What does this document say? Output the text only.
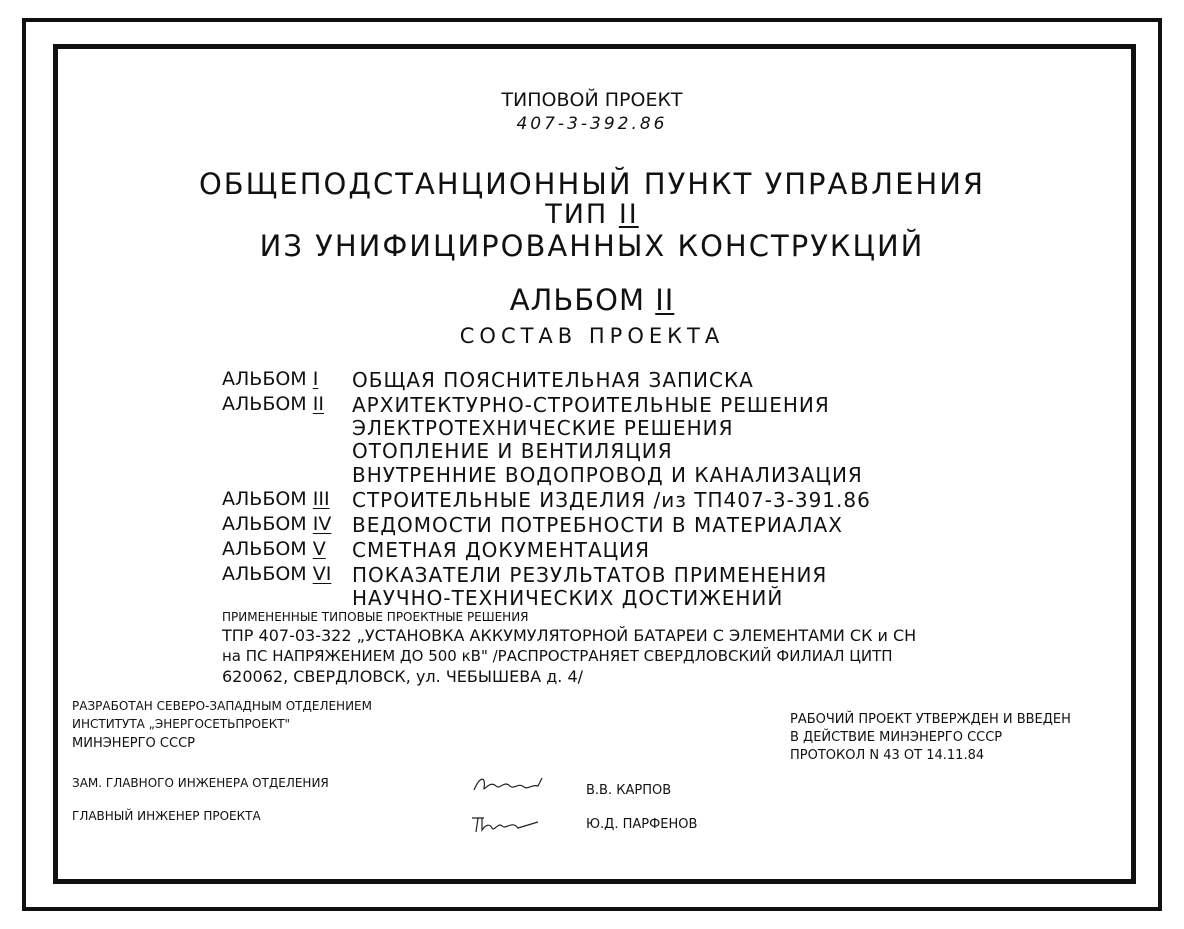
ТИПОВОЙ ПРОЕКТ
407-3-392.86
ОБЩЕПОДСТАНЦИОННЫЙ ПУНКТ УПРАВЛЕНИЯ
ТИП II
ИЗ УНИФИЦИРОВАННЫХ КОНСТРУКЦИЙ
АЛЬБОМ II
СОСТАВ ПРОЕКТА
АЛЬБОМ I ОБЩАЯ ПОЯСНИТЕЛЬНАЯ ЗАПИСКА
АЛЬБОМ II АРХИТЕКТУРНО-СТРОИТЕЛЬНЫЕ РЕШЕНИЯ
ЭЛЕКТРОТЕХНИЧЕСКИЕ РЕШЕНИЯ
ОТОПЛЕНИЕ И ВЕНТИЛЯЦИЯ
ВНУТРЕННИЕ ВОДОПРОВОД И КАНАЛИЗАЦИЯ
АЛЬБОМ III СТРОИТЕЛЬНЫЕ ИЗДЕЛИЯ /из ТП407-3-391.86
АЛЬБОМ IV ВЕДОМОСТИ ПОТРЕБНОСТИ В МАТЕРИАЛАХ
АЛЬБОМ V СМЕТНАЯ ДОКУМЕНТАЦИЯ
АЛЬБОМ VI ПОКАЗАТЕЛИ РЕЗУЛЬТАТОВ ПРИМЕНЕНИЯ
НАУЧНО-ТЕХНИЧЕСКИХ ДОСТИЖЕНИЙ
ПРИМЕНЕННЫЕ ТИПОВЫЕ ПРОЕКТНЫЕ РЕШЕНИЯ
ТПР 407-03-322 „УСТАНОВКА АККУМУЛЯТОРНОЙ БАТАРЕИ С ЭЛЕМЕНТАМИ СК и СН
на ПС НАПРЯЖЕНИЕМ ДО 500 кВ" /РАСПРОСТРАНЯЕТ СВЕРДЛОВСКИЙ ФИЛИАЛ ЦИТП
620062, СВЕРДЛОВСК, ул. ЧЕБЫШЕВА д. 4/
РАЗРАБОТАН СЕВЕРО-ЗАПАДНЫМ ОТДЕЛЕНИЕМ
ИНСТИТУТА „ЭНЕРГОСЕТЬПРОЕКТ"
МИНЭНЕРГО СССР
РАБОЧИЙ ПРОЕКТ УТВЕРЖДЕН И ВВЕДЕН
В ДЕЙСТВИЕ МИНЭНЕРГО СССР
ПРОТОКОЛ N 43 ОТ 14.11.84
ЗАМ. ГЛАВНОГО ИНЖЕНЕРА ОТДЕЛЕНИЯ	В.В. КАРПОВ
ГЛАВНЫЙ ИНЖЕНЕР ПРОЕКТА
Ю.Д. ПАРФЕНОВ
